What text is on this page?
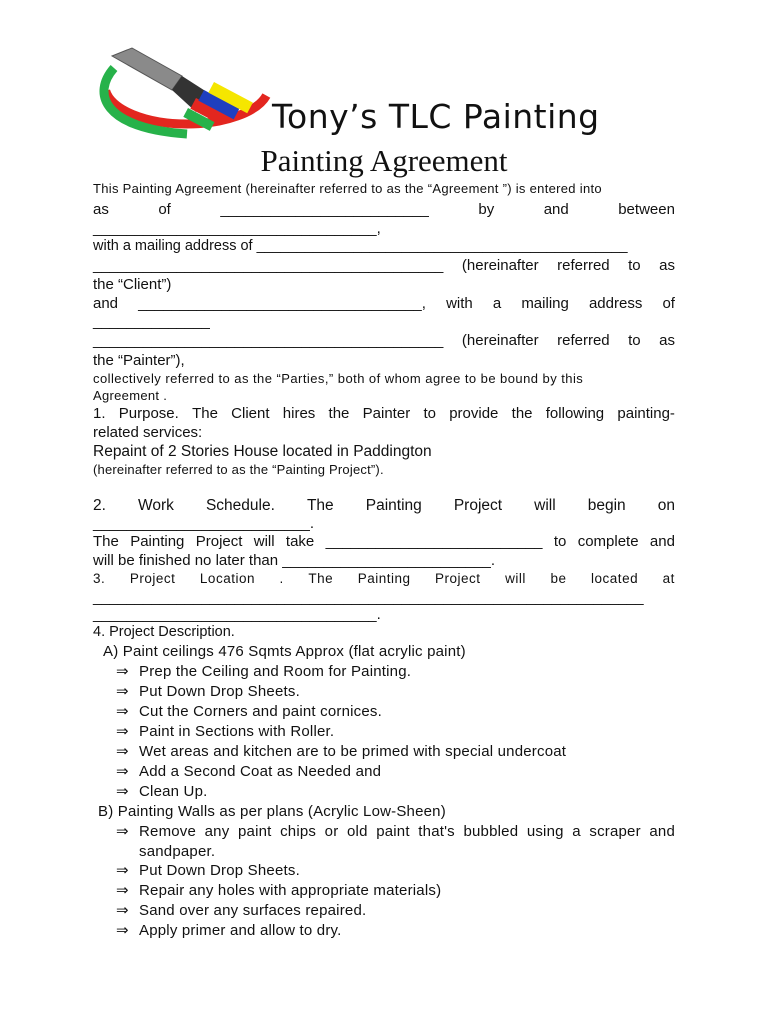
Tony’s TLC Painting
Painting Agreement
This Painting Agreement (hereinafter referred to as the “Agreement ”) is entered into
as	of	_________________________	by	and	between
__________________________________,
with a mailing address of ______________________________________________
__________________________________________ (hereinafter referred to as
the “Client”)
and __________________________________, with a mailing address of
______________
__________________________________________ (hereinafter referred to as
the “Painter”),
collectively referred to as the “Parties,” both of whom agree to be bound by this
Agreement .
1. Purpose. The Client hires the Painter to provide the following painting-
related services:
Repaint of 2 Stories House located in Paddington
(hereinafter referred to as the “Painting Project”).
2. Work Schedule. The Painting Project will begin on
__________________________.
The Painting Project will take __________________________ to complete and
will be finished no later than _________________________.
3. Project Location . The Painting Project will be located at
__________________________________________________________________
__________________________________.
4. Project Description.
A) Paint ceilings 476 Sqmts Approx (flat acrylic paint)
⇒ Prep the Ceiling and Room for Painting.
⇒ Put Down Drop Sheets.
⇒ Cut the Corners and paint cornices.
⇒ Paint in Sections with Roller.
⇒ Wet areas and kitchen are to be primed with special undercoat
⇒ Add a Second Coat as Needed and
⇒ Clean Up.
B) Painting Walls as per plans (Acrylic Low-Sheen)
⇒ Remove any paint chips or old paint that's bubbled using a scraper and sandpaper.
⇒ Put Down Drop Sheets.
⇒ Repair any holes with appropriate materials)
⇒ Sand over any surfaces repaired.
⇒ Apply primer and allow to dry.
